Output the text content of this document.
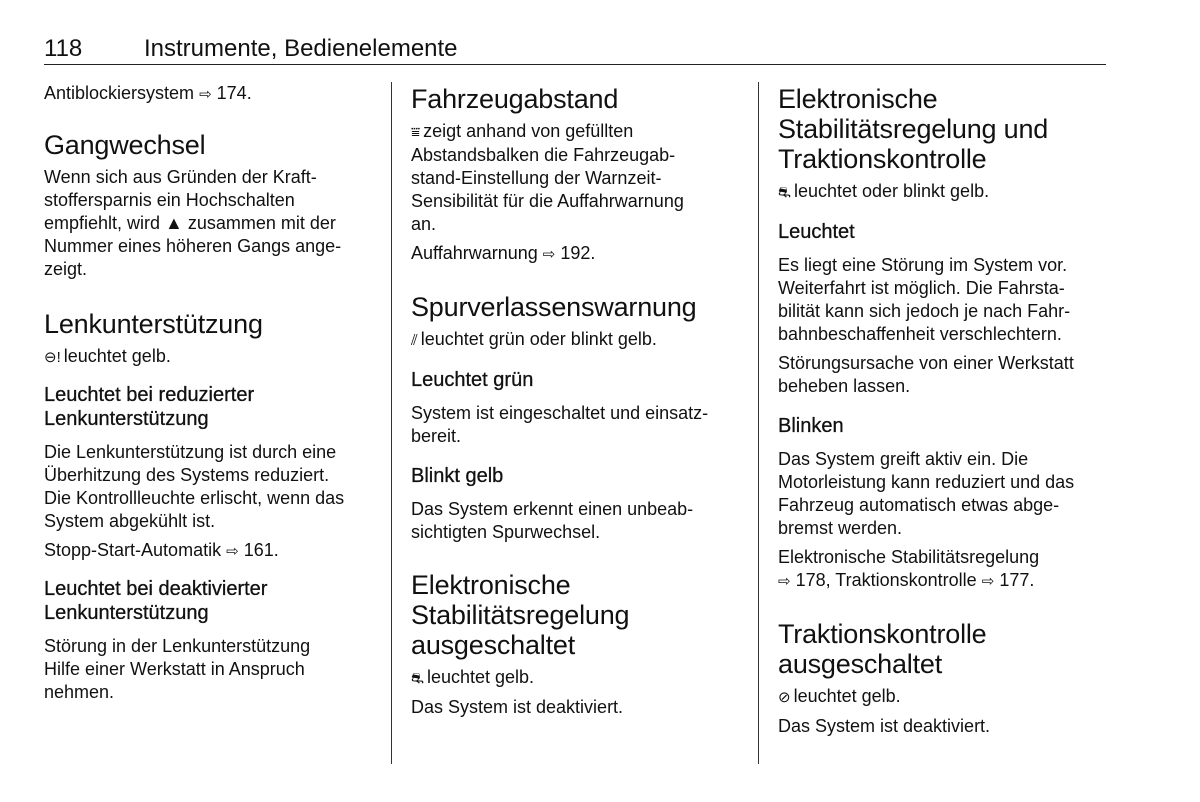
118	Instrumente, Bedienelemente

Antiblockiersystem ⇨ 174.

Gangwechsel

Wenn sich aus Gründen der Kraft-

stoffersparnis ein Hochschalten

empfiehlt, wird ▲ zusammen mit der

Nummer eines höheren Gangs ange-

zeigt.

Lenkunterstützung

⊖! leuchtet gelb.

Leuchtet bei reduzierter
Lenkunterstützung

Die Lenkunterstützung ist durch eine

Überhitzung des Systems reduziert.

Die Kontrollleuchte erlischt, wenn das

System abgekühlt ist.

Stopp-Start-Automatik ⇨ 161.

Leuchtet bei deaktivierter
Lenkunterstützung

Störung in der Lenkunterstützung

Hilfe einer Werkstatt in Anspruch

nehmen.

Fahrzeugabstand

⩸ zeigt anhand von gefüllten

Abstandsbalken die Fahrzeugab-

stand-Einstellung der Warnzeit-

Sensibilität für die Auffahrwarnung

an.

Auffahrwarnung ⇨ 192.

Spurverlassenswarnung

⫽ leuchtet grün oder blinkt gelb.

Leuchtet grün

System ist eingeschaltet und einsatz-

bereit.

Blinkt gelb

Das System erkennt einen unbeab-

sichtigten Spurwechsel.

Elektronische
Stabilitätsregelung
ausgeschaltet

⛐ leuchtet gelb.

Das System ist deaktiviert.

Elektronische
Stabilitätsregelung und
Traktionskontrolle

⛐ leuchtet oder blinkt gelb.

Leuchtet

Es liegt eine Störung im System vor.

Weiterfahrt ist möglich. Die Fahrsta-

bilität kann sich jedoch je nach Fahr-

bahnbeschaffenheit verschlechtern.

Störungsursache von einer Werkstatt

beheben lassen.

Blinken

Das System greift aktiv ein. Die

Motorleistung kann reduziert und das

Fahrzeug automatisch etwas abge-

bremst werden.

Elektronische Stabilitätsregelung

⇨ 178, Traktionskontrolle ⇨ 177.

Traktionskontrolle
ausgeschaltet

⊘ leuchtet gelb.

Das System ist deaktiviert.
